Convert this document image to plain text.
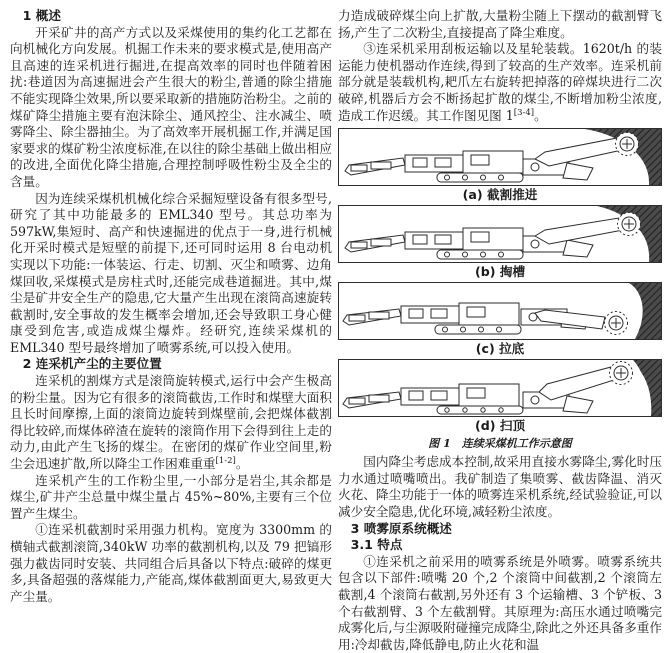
1 概述

开采矿井的高产方式以及采煤使用的集约化工艺都在向机械化方向发展。机掘工作未来的要求模式是,使用高产且高速的连采机进行掘进,在提高效率的同时也伴随着困扰:巷道因为高速掘进会产生很大的粉尘,普通的除尘措施不能实现降尘效果,所以要采取新的措施防治粉尘。之前的煤矿降尘措施主要有泡沫除尘、通风控尘、注水减尘、喷雾降尘、除尘器抽尘。为了高效率开展机掘工作,并满足国家要求的煤矿粉尘浓度标准,在以往的除尘基础上做出相应的改进,全面优化降尘措施,合理控制呼吸性粉尘及全尘的含量。

因为连续采煤机机械化综合采掘短壁设备有很多型号,研究了其中功能最多的 EML340 型号。其总功率为 597kW,集短时、高产和快速掘进的优点于一身,进行机械化开采时模式是短壁的前提下,还可同时运用 8 台电动机实现以下功能:一体装运、行走、切割、灭尘和喷雾、边角煤回收,采煤模式是房柱式时,还能完成巷道掘进。其中,煤尘是矿井安全生产的隐患,它大量产生出现在滚筒高速旋转截割时,安全事故的发生概率会增加,还会导致职工身心健康受到危害,或造成煤尘爆炸。经研究,连续采煤机的 EML340 型号最终增加了喷雾系统,可以投入使用。

2 连采机产尘的主要位置

连采机的割煤方式是滚筒旋转模式,运行中会产生极高的粉尘量。因为它有很多的滚筒截齿,工作时和煤壁大面积且长时间摩擦,上面的滚筒边旋转到煤壁前,会把煤体截割得比较碎,而煤体碎渣在旋转的滚筒作用下会得到往上走的动力,由此产生飞扬的煤尘。在密闭的煤矿作业空间里,粉尘会迅速扩散,所以降尘工作困难重重[1-2]。

连采机产生的工作粉尘里,一小部分是岩尘,其余都是煤尘,矿井产尘总量中煤尘量占 45%~80%,主要有三个位置产生煤尘。

①连采机截割时采用强力机构。宽度为 3300mm 的横轴式截割滚筒,340kW 功率的截割机构,以及 79 把镐形强力截齿同时安装、共同组合后具备以下特点:破碎的煤更多,具备超强的落煤能力,产能高,煤体截割面更大,易致更大产尘量。

力造成破碎煤尘向上扩散,大量粉尘随上下摆动的截割臂飞扬,产生了二次粉尘,直接提高了降尘难度。

③连采机采用刮板运输以及星轮装载。1620t/h 的装运能力使机器动作连续,得到了较高的生产效率。连采机前部分就是装载机构,耙爪左右旋转把掉落的碎煤块进行二次破碎,机器后方会不断扬起扩散的煤尘,不断增加粉尘浓度,造成工作迟缓。其工作图见图 1[3-4]。

(a) 截割推进
(b) 掏槽
(c) 拉底
(d) 扫顶
图 1　连续采煤机工作示意图

国内降尘考虑成本控制,故采用直接水雾降尘,雾化时压力水通过喷嘴喷出。我矿制造了集喷雾、截齿降温、消灭火花、降尘功能于一体的喷雾连采机系统,经试验验证,可以减少安全隐患,优化环境,减轻粉尘浓度。

3 喷雾原系统概述
3.1 特点

①连采机之前采用的喷雾系统是外喷雾。喷雾系统共包含以下部件:喷嘴 20 个,2 个滚筒中间截割,2 个滚筒左截割,4 个滚筒右截割,另外还有 3 个运输槽、3 个铲板、3 个右截割臂、3 个左截割臂。其原理为:高压水通过喷嘴完成雾化后,与尘源吸附碰撞完成降尘,除此之外还具备多重作用:冷却截齿,降低静电,防止火花和温
